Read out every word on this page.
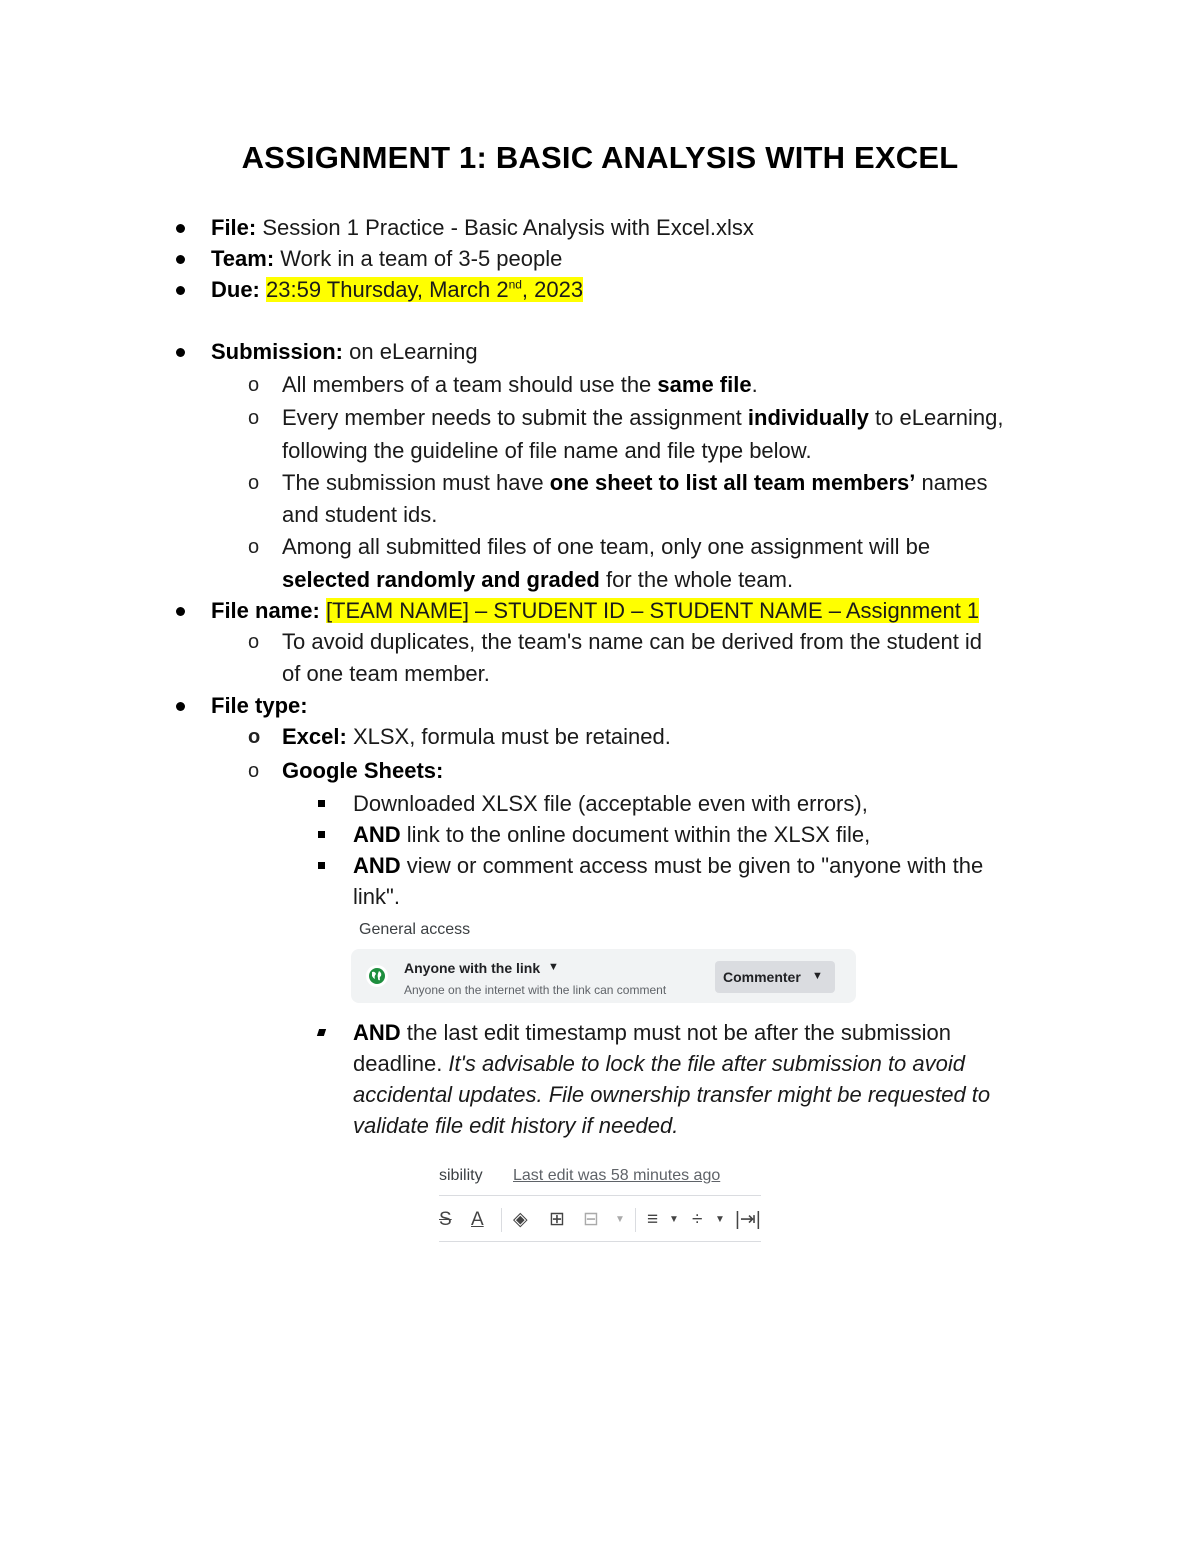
ASSIGNMENT 1: BASIC ANALYSIS WITH EXCEL
File: Session 1 Practice - Basic Analysis with Excel.xlsx
Team: Work in a team of 3-5 people
Due: 23:59 Thursday, March 2nd, 2023
Submission: on eLearning
o All members of a team should use the same file.
o Every member needs to submit the assignment individually to eLearning,
following the guideline of file name and file type below.
o The submission must have one sheet to list all team members’ names
and student ids.
o Among all submitted files of one team, only one assignment will be
selected randomly and graded for the whole team.
File name: [TEAM NAME] – STUDENT ID – STUDENT NAME – Assignment 1
o To avoid duplicates, the team's name can be derived from the student id
of one team member.
File type:
o Excel: XLSX, formula must be retained.
o Google Sheets:
Downloaded XLSX file (acceptable even with errors),
AND link to the online document within the XLSX file,
AND view or comment access must be given to "anyone with the
link".
General access
Anyone with the link ▼
Anyone on the internet with the link can comment
Commenter ▼
AND the last edit timestamp must not be after the submission
deadline. It's advisable to lock the file after submission to avoid
accidental updates. File ownership transfer might be requested to
validate file edit history if needed.
sibility Last edit was 58 minutes ago
S A ◈ ⊞ ⊟ ▼ ≡ ▼ ÷ ▼ |⇥|
